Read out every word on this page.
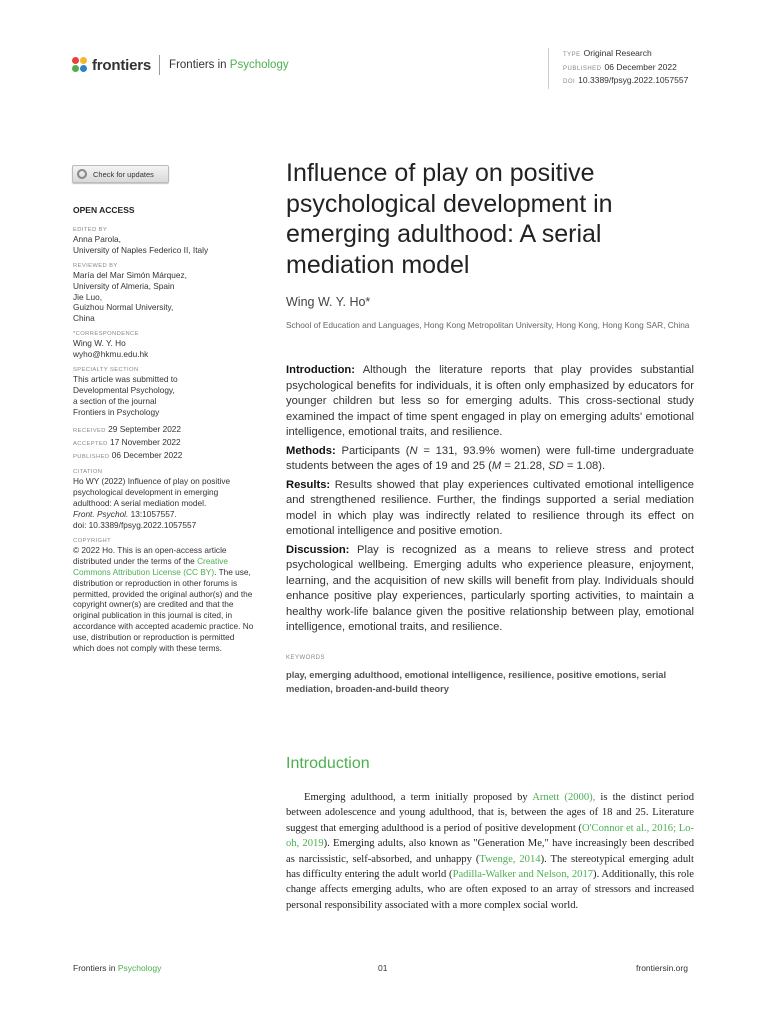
frontiers Frontiers in Psychology
TYPE Original Research
PUBLISHED 06 December 2022
DOI 10.3389/fpsyg.2022.1057557
Check for updates
OPEN ACCESS
EDITED BY
Anna Parola,
University of Naples Federico II, Italy
REVIEWED BY
María del Mar Simón Márquez,
University of Almeria, Spain
Jie Luo,
Guizhou Normal University,
China
*CORRESPONDENCE
Wing W. Y. Ho
wyho@hkmu.edu.hk
SPECIALTY SECTION
This article was submitted to
Developmental Psychology,
a section of the journal
Frontiers in Psychology
RECEIVED 29 September 2022
ACCEPTED 17 November 2022
PUBLISHED 06 December 2022
CITATION
Ho WY (2022) Influence of play on positive
psychological development in emerging
adulthood: A serial mediation model.
Front. Psychol. 13:1057557.
doi: 10.3389/fpsyg.2022.1057557
COPYRIGHT
© 2022 Ho. This is an open-access article distributed under the terms of the Creative Commons Attribution License (CC BY). The use, distribution or reproduction in other forums is permitted, provided the original author(s) and the copyright owner(s) are credited and that the original publication in this journal is cited, in accordance with accepted academic practice. No use, distribution or reproduction is permitted which does not comply with these terms.
Influence of play on positive psychological development in emerging adulthood: A serial mediation model
Wing W. Y. Ho*
School of Education and Languages, Hong Kong Metropolitan University, Hong Kong, Hong Kong SAR, China

Introduction: Although the literature reports that play provides substantial psychological benefits for individuals, it is often only emphasized by educators for younger children but less so for emerging adults. This cross-sectional study examined the impact of time spent engaged in play on emerging adults' emotional intelligence, emotional traits, and resilience.

Methods: Participants (N = 131, 93.9% women) were full-time undergraduate students between the ages of 19 and 25 (M = 21.28, SD = 1.08).

Results: Results showed that play experiences cultivated emotional intelligence and strengthened resilience. Further, the findings supported a serial mediation model in which play was indirectly related to resilience through its effect on emotional intelligence and positive emotion.

Discussion: Play is recognized as a means to relieve stress and protect psychological wellbeing. Emerging adults who experience pleasure, enjoyment, learning, and the acquisition of new skills will benefit from play. Individuals should enhance positive play experiences, particularly sporting activities, to maintain a healthy work-life balance given the positive relationship between play, emotional intelligence, emotional traits, and resilience.

KEYWORDS
play, emerging adulthood, emotional intelligence, resilience, positive emotions, serial mediation, broaden-and-build theory
Introduction

Emerging adulthood, a term initially proposed by Arnett (2000), is the distinct period between adolescence and young adulthood, that is, between the ages of 18 and 25. Literature suggest that emerging adulthood is a period of positive development (O'Connor et al., 2016; Lo-oh, 2019). Emerging adults, also known as "Generation Me," have increasingly been described as narcissistic, self-absorbed, and unhappy (Twenge, 2014). The stereotypical emerging adult has difficulty entering the adult world (Padilla-Walker and Nelson, 2017). Additionally, this role change affects emerging adults, who are often exposed to an array of stressors and increased personal responsibility associated with a more complex social world.

Frontiers in Psychology	01	frontiersin.org
